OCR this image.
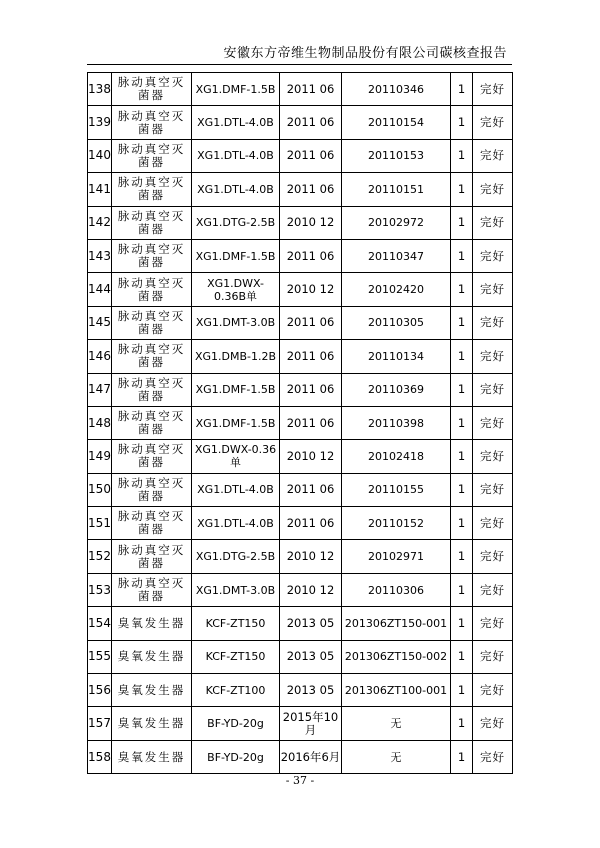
安徽东方帝维生物制品股份有限公司碳核查报告
138	脉动真空灭菌器	XG1.DMF-1.5B	2011 06	20110346	1	完好
139	脉动真空灭菌器	XG1.DTL-4.0B	2011 06	20110154	1	完好
140	脉动真空灭菌器	XG1.DTL-4.0B	2011 06	20110153	1	完好
141	脉动真空灭菌器	XG1.DTL-4.0B	2011 06	20110151	1	完好
142	脉动真空灭菌器	XG1.DTG-2.5B	2010 12	20102972	1	完好
143	脉动真空灭菌器	XG1.DMF-1.5B	2011 06	20110347	1	完好
144	脉动真空灭菌器	XG1.DWX-0.36B单	2010 12	20102420	1	完好
145	脉动真空灭菌器	XG1.DMT-3.0B	2011 06	20110305	1	完好
146	脉动真空灭菌器	XG1.DMB-1.2B	2011 06	20110134	1	完好
147	脉动真空灭菌器	XG1.DMF-1.5B	2011 06	20110369	1	完好
148	脉动真空灭菌器	XG1.DMF-1.5B	2011 06	20110398	1	完好
149	脉动真空灭菌器	XG1.DWX-0.36单	2010 12	20102418	1	完好
150	脉动真空灭菌器	XG1.DTL-4.0B	2011 06	20110155	1	完好
151	脉动真空灭菌器	XG1.DTL-4.0B	2011 06	20110152	1	完好
152	脉动真空灭菌器	XG1.DTG-2.5B	2010 12	20102971	1	完好
153	脉动真空灭菌器	XG1.DMT-3.0B	2010 12	20110306	1	完好
154	臭氧发生器	KCF-ZT150	2013 05	201306ZT150-001	1	完好
155	臭氧发生器	KCF-ZT150	2013 05	201306ZT150-002	1	完好
156	臭氧发生器	KCF-ZT100	2013 05	201306ZT100-001	1	完好
157	臭氧发生器	BF-YD-20g	2015年10月	无	1	完好
158	臭氧发生器	BF-YD-20g	2016年6月	无	1	完好
- 37 -
